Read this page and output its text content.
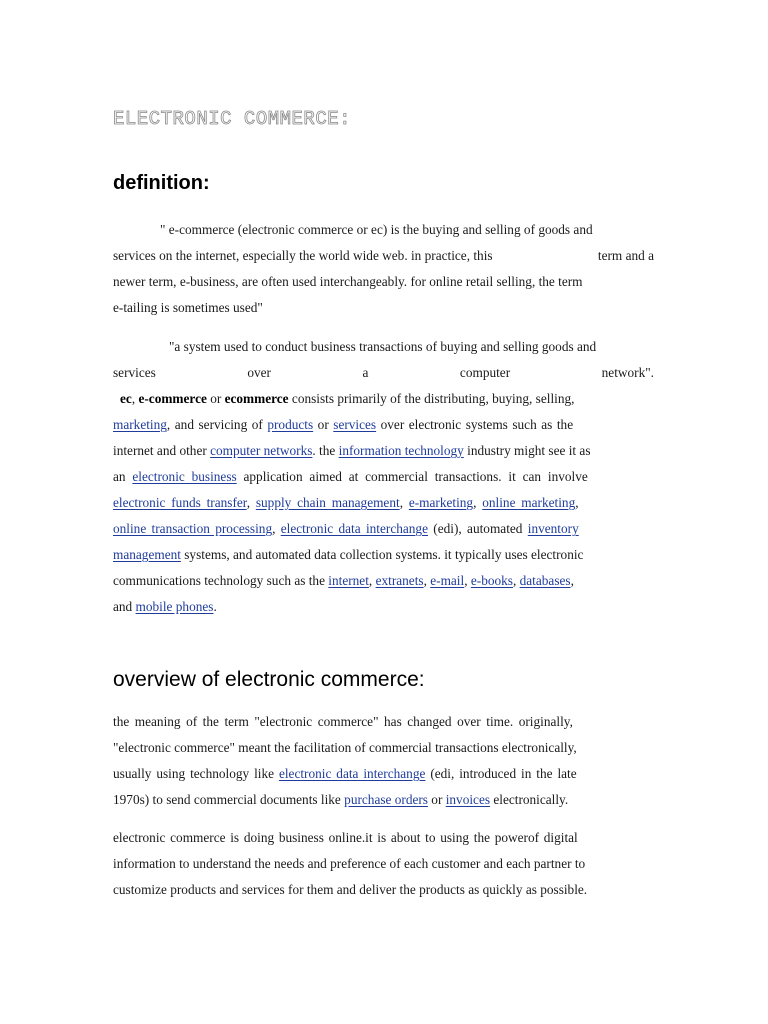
ELECTRONIC COMMERCE:
definition:
" e-commerce (electronic commerce or ec) is the buying and selling of goods and
services on the internet, especially the world wide web. in practice, this	term and a
newer term, e-business, are often used interchangeably. for online retail selling, the term
e-tailing is sometimes used"
"a system used to conduct business transactions of buying and selling goods and
services	over	a	computer	network".
ec, e-commerce or ecommerce consists primarily of the distributing, buying, selling,
marketing, and servicing of products or services over electronic systems such as the
internet and other computer networks. the information technology industry might see it as
an electronic business application aimed at commercial transactions. it can involve
electronic funds transfer, supply chain management, e-marketing, online marketing,
online transaction processing, electronic data interchange (edi), automated inventory
management systems, and automated data collection systems. it typically uses electronic
communications technology such as the internet, extranets, e-mail, e-books, databases,
and mobile phones.
overview of electronic commerce:
the meaning of the term "electronic commerce" has changed over time. originally,
"electronic commerce" meant the facilitation of commercial transactions electronically,
usually using technology like electronic data interchange (edi, introduced in the late
1970s) to send commercial documents like purchase orders or invoices electronically.
electronic commerce is doing business online.it is about to using the powerof digital
information to understand the needs and preference of each customer and each partner to
customize products and services for them and deliver the products as quickly as possible.
